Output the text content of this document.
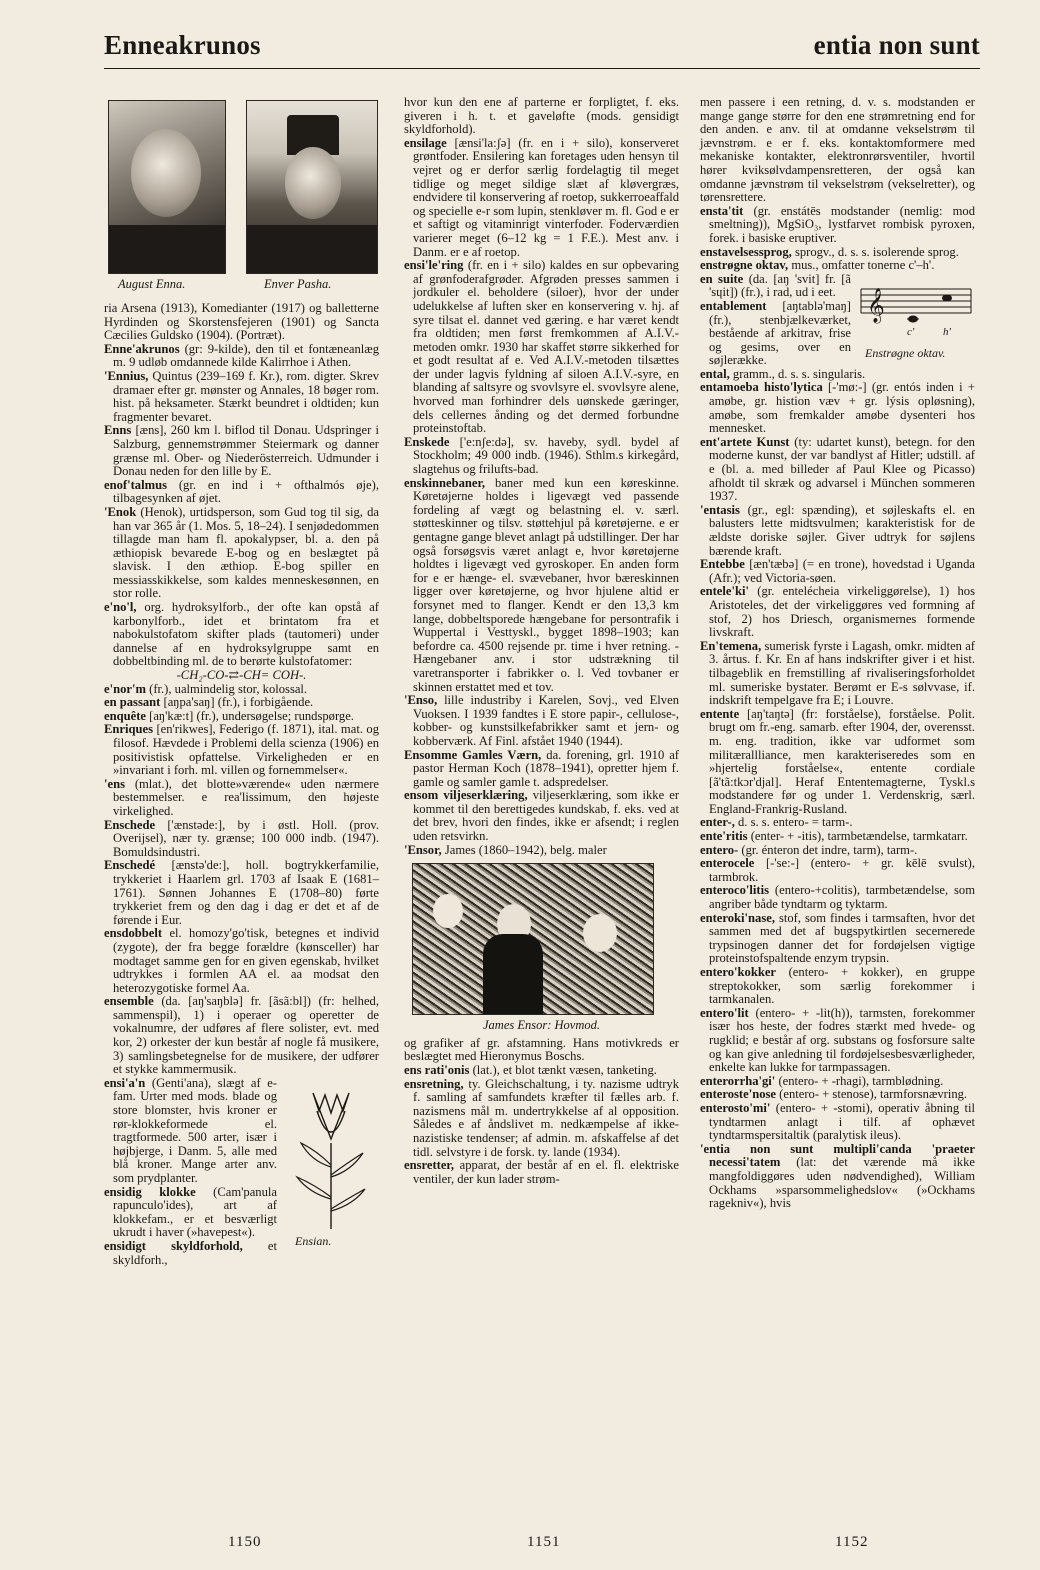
Enneakrunos	entia non sunt
August Enna.	Enver Pasha.
ria Arsena (1913), Komedianter (1917) og balletterne Hyrdinden og Skorstensfejeren (1901) og Sancta Cæcilies Guldsko (1904). (Portræt).
Enne'akrunos (gr: 9-kilde), den til et fontæneanlæg m. 9 udløb omdannede kilde Kalirrhoe i Athen.
'Ennius, Quintus (239–169 f. Kr.), rom. digter. Skrev dramaer efter gr. mønster og Annales, 18 bøger rom. hist. på heksameter. Stærkt beundret i oldtiden; kun fragmenter bevaret.
Enns [æns], 260 km l. biflod til Donau. Udspringer i Salzburg, gennemstrømmer Steiermark og danner grænse ml. Ober- og Niederösterreich. Udmunder i Donau neden for den lille by E.
enof'talmus (gr. en ind i + ofthalmós øje), tilbagesynken af øjet.
'Enok (Henok), urtidsperson, som Gud tog til sig, da han var 365 år (1. Mos. 5, 18–24). I senjødedommen tillagde man ham fl. apokalypser, bl. a. den på æthiopisk bevarede E-bog og en beslægtet på slavisk. I den æthiop. E-bog spiller en messiasskikkelse, som kaldes menneskesønnen, en stor rolle.
e'no'l, org. hydroksylforb., der ofte kan opstå af karbonylforb., idet et brintatom fra et nabokulstofatom skifter plads (tautomeri) under dannelse af en hydroksylgruppe samt en dobbeltbinding ml. de to berørte kulstofatomer:
-CH₂-CO-⇄-CH= COH-.
e'nor'm (fr.), ualmindelig stor, kolossal.
en passant [aŋpa'saŋ] (fr.), i forbigående.
enquête [aŋ'kæ:t] (fr.), undersøgelse; rundspørge.
Enriques [en'rikwes], Federigo (f. 1871), ital. mat. og filosof. Hævdede i Problemi della scienza (1906) en positivistisk opfattelse. Virkeligheden er en »invariant i forh. ml. villen og fornemmelser«.
'ens (mlat.), det blotte»værende« uden nærmere bestemmelser. e rea'lissimum, den højeste virkelighed.
Enschede ['ænstəde:], by i østl. Holl. (prov. Overijsel), nær ty. grænse; 100 000 indb. (1947). Bomuldsindustri.
Enschedé [ænstə'de:], holl. bogtrykkerfamilie, trykkeriet i Haarlem grl. 1703 af Isaak E (1681–1761). Sønnen Johannes E (1708–80) førte trykkeriet frem og den dag i dag er det et af de førende i Eur.
ensdobbelt el. homozy'go'tisk, betegnes et individ (zygote), der fra begge forældre (kønsceller) har modtaget samme gen for en given egenskab, hvilket udtrykkes i formlen AA el. aa modsat den heterozygotiske formel Aa.
ensemble (da. [aŋ'saŋblə] fr. [ãsã:bl]) (fr: helhed, sammenspil), 1) i operaer og operetter de vokalnumre, der udføres af flere solister, evt. med kor, 2) orkester der kun består af nogle få musikere, 3) samlingsbetegnelse for de musikere, der udfører et stykke kammermusik.
Ensian.
ensi'a'n (Genti'ana), slægt af e-fam. Urter med mods. blade og store blomster, hvis kroner er rør-klokkeformede el. tragtformede. 500 arter, især i højbjerge, i Danm. 5, alle med blå kroner. Mange arter anv. som prydplanter.
ensidig klokke (Cam'panula rapunculo'ides), art af klokkefam., er et besværligt ukrudt i haver (»havepest«).
ensidigt skyldforhold, et skyldforh.,
hvor kun den ene af parterne er forpligtet, f. eks. giveren i h. t. et gaveløfte (mods. gensidigt skyldforhold).
ensilage [ænsi'la:ʃə] (fr. en i + silo), konserveret grøntfoder. Ensilering kan foretages uden hensyn til vejret og er derfor særlig fordelagtig til meget tidlige og meget sildige slæt af kløvergræs, endvidere til konservering af roetop, sukkerroeaffald og specielle e-r som lupin, stenkløver m. fl. God e er et saftigt og vitaminrigt vinterfoder. Foderværdien varierer meget (6–12 kg = 1 F.E.). Mest anv. i Danm. er e af roetop.
ensi'le'ring (fr. en i + silo) kaldes en sur opbevaring af grønfoderafgrøder. Afgrøden presses sammen i jordkuler el. beholdere (siloer), hvor der under udelukkelse af luften sker en konservering v. hj. af syre tilsat el. dannet ved gæring. e har været kendt fra oldtiden; men først fremkommen af A.I.V.-metoden omkr. 1930 har skaffet større sikkerhed for et godt resultat af e. Ved A.I.V.-metoden tilsættes der under lagvis fyldning af siloen A.I.V.-syre, en blanding af saltsyre og svovlsyre el. svovlsyre alene, hvorved man forhindrer dels uønskede gæringer, dels cellernes ånding og det dermed forbundne proteinstoftab.
Enskede ['e:nʃe:də], sv. haveby, sydl. bydel af Stockholm; 49 000 indb. (1946). Sthlm.s kirkegård, slagtehus og frilufts-bad.
enskinnebaner, baner med kun een køreskinne. Køretøjerne holdes i ligevægt ved passende fordeling af vægt og belastning el. v. særl. støtteskinner og tilsv. støttehjul på køretøjerne. e er gentagne gange blevet anlagt på udstillinger. Der har også forsøgsvis været anlagt e, hvor køretøjerne holdtes i ligevægt ved gyroskoper. En anden form for e er hænge- el. svævebaner, hvor bæreskinnen ligger over køretøjerne, og hvor hjulene altid er forsynet med to flanger. Kendt er den 13,3 km lange, dobbeltsporede hængebane for persontrafik i Wuppertal i Vesttyskl., bygget 1898–1903; kan befordre ca. 4500 rejsende pr. time i hver retning. - Hængebaner anv. i stor udstrækning til varetransporter i fabrikker o. l. Ved tovbaner er skinnen erstattet med et tov.
'Enso, lille industriby i Karelen, Sovj., ved Elven Vuoksen. I 1939 fandtes i E store papir-, cellulose-, kobber- og kunstsilkefabrikker samt et jern- og kobberværk. Af Finl. afstået 1940 (1944).
Ensomme Gamles Værn, da. forening, grl. 1910 af pastor Herman Koch (1878–1941), opretter hjem f. gamle og samler gamle t. adspredelser.
ensom viljeserklæring, viljeserklæring, som ikke er kommet til den berettigedes kundskab, f. eks. ved at det brev, hvori den findes, ikke er afsendt; i reglen uden retsvirkn.
'Ensor, James (1860–1942), belg. maler
James Ensor: Hovmod.
og grafiker af gr. afstamning. Hans motivkreds er beslægtet med Hieronymus Boschs.
ens rati'onis (lat.), et blot tænkt væsen, tanketing.
ensretning, ty. Gleichschaltung, i ty. nazisme udtryk f. samling af samfundets kræfter til fælles arb. f. nazismens mål m. undertrykkelse af al opposition. Således e af åndslivet m. nedkæmpelse af ikke-nazistiske tendenser; af admin. m. afskaffelse af det tidl. selvstyre i de forsk. ty. lande (1934).
ensretter, apparat, der består af en el. fl. elektriske ventiler, der kun lader strøm-
men passere i een retning, d. v. s. modstanden er mange gange større for den ene strømretning end for den anden. e anv. til at omdanne vekselstrøm til jævnstrøm. e er f. eks. kontaktomformere med mekaniske kontakter, elektronrørsventiler, hvortil hører kviksølvdampensretteren, der også kan omdanne jævnstrøm til vekselstrøm (vekselretter), og tørensrettere.
ensta'tit (gr. enstátēs modstander (nemlig: mod smeltning)), MgSiO₃, lystfarvet rombisk pyroxen, forek. i basiske eruptiver.
enstavelsessprog, sprogv., d. s. s. isolerende sprog.
enstrøgne oktav, mus., omfatter tonerne c'–h'.
𝄞
c'	h'
Enstrøgne oktav.
en suite (da. [aŋ 'svit] fr. [ã 'sɥit]) (fr.), i rad, ud i eet.
entablement [aŋtablə'maŋ] (fr.), stenbjælkeværket, bestående af arkitrav, frise og gesims, over en søjlerække.
ental, gramm., d. s. s. singularis.
entamoeba histo'lytica [-'mø:-] (gr. entós inden i + amøbe, gr. histion væv + gr. lýsis opløsning), amøbe, som fremkalder amøbe dysenteri hos mennesket.
ent'artete Kunst (ty: udartet kunst), betegn. for den moderne kunst, der var bandlyst af Hitler; udstill. af e (bl. a. med billeder af Paul Klee og Picasso) afholdt til skræk og advarsel i München sommeren 1937.
'entasis (gr., egl: spænding), et søjleskafts el. en balusters lette midtsvulmen; karakteristisk for de ældste doriske søjler. Giver udtryk for søjlens bærende kraft.
Entebbe [æn'tæbə] (= en trone), hovedstad i Uganda (Afr.); ved Victoria-søen.
entele'ki' (gr. entelécheia virkeliggørelse), 1) hos Aristoteles, det der virkeliggøres ved formning af stof, 2) hos Driesch, organismernes formende livskraft.
En'temena, sumerisk fyrste i Lagash, omkr. midten af 3. årtus. f. Kr. En af hans indskrifter giver i et hist. tilbageblik en fremstilling af rivaliseringsforholdet ml. sumeriske bystater. Berømt er E-s sølvvase, if. indskrift tempelgave fra E; i Louvre.
entente [aŋ'taŋtə] (fr: forståelse), forståelse. Polit. brugt om fr.-eng. samarb. efter 1904, der, overensst. m. eng. tradition, ikke var udformet som militærallliance, men karakteriseredes som en »hjertelig forståelse«, entente cordiale [ã'tã:tkɔr'djal]. Heraf Ententemagterne, Tyskl.s modstandere før og under 1. Verdenskrig, særl. England-Frankrig-Rusland.
enter-, d. s. s. entero- = tarm-.
ente'ritis (enter- + -itis), tarmbetændelse, tarmkatarr.
entero- (gr. énteron det indre, tarm), tarm-.
enterocele [-'se:-] (entero- + gr. kēlē svulst), tarmbrok.
enteroco'litis (entero-+colitis), tarmbetændelse, som angriber både tyndtarm og tyktarm.
enteroki'nase, stof, som findes i tarmsaften, hvor det sammen med det af bugspytkirtlen secernerede trypsinogen danner det for fordøjelsen vigtige proteinstofspaltende enzym trypsin.
entero'kokker (entero- + kokker), en gruppe streptokokker, som særlig forekommer i tarmkanalen.
entero'lit (entero- + -lit(h)), tarmsten, forekommer især hos heste, der fodres stærkt med hvede- og rugklid; e består af org. substans og fosforsure salte og kan give anledning til fordøjelsesbesværligheder, enkelte kan lukke for tarmpassagen.
enterorrha'gi' (entero- + -rhagi), tarmblødning.
enteroste'nose (entero- + stenose), tarmforsnævring.
enterosto'mi' (entero- + -stomi), operativ åbning til tyndtarmen anlagt i tilf. af ophævet tyndtarmspersitaltik (paralytisk ileus).
'entia non sunt multipli'canda 'praeter necessi'tatem (lat: det værende må ikke mangfoldiggøres uden nødvendighed), William Ockhams »sparsommelighedslov« (»Ockhams ragekniv«), hvis
1150	1151	1152
